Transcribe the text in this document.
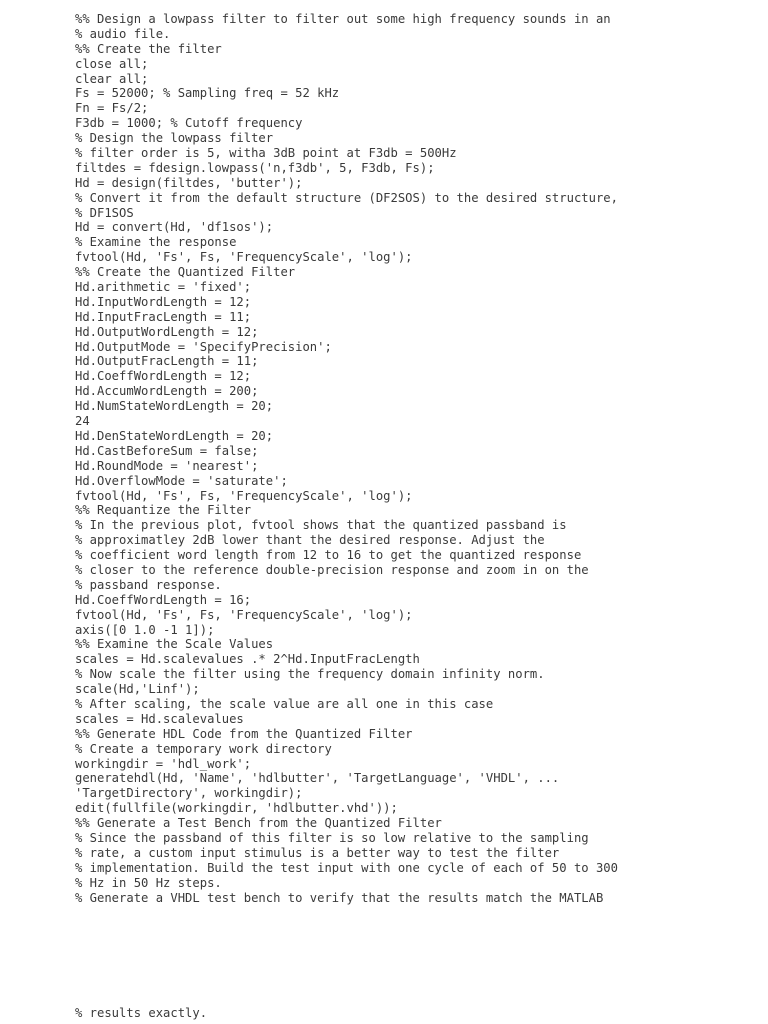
%% Design a lowpass filter to filter out some high frequency sounds in an
% audio file.
%% Create the filter
close all;
clear all;
Fs = 52000; % Sampling freq = 52 kHz
Fn = Fs/2;
F3db = 1000; % Cutoff frequency
% Design the lowpass filter
% filter order is 5, witha 3dB point at F3db = 500Hz
filtdes = fdesign.lowpass('n,f3db', 5, F3db, Fs);
Hd = design(filtdes, 'butter');
% Convert it from the default structure (DF2SOS) to the desired structure,
% DF1SOS
Hd = convert(Hd, 'df1sos');
% Examine the response
fvtool(Hd, 'Fs', Fs, 'FrequencyScale', 'log');
%% Create the Quantized Filter
Hd.arithmetic = 'fixed';
Hd.InputWordLength = 12;
Hd.InputFracLength = 11;
Hd.OutputWordLength = 12;
Hd.OutputMode = 'SpecifyPrecision';
Hd.OutputFracLength = 11;
Hd.CoeffWordLength = 12;
Hd.AccumWordLength = 200;
Hd.NumStateWordLength = 20;
24
Hd.DenStateWordLength = 20;
Hd.CastBeforeSum = false;
Hd.RoundMode = 'nearest';
Hd.OverflowMode = 'saturate';
fvtool(Hd, 'Fs', Fs, 'FrequencyScale', 'log');
%% Requantize the Filter
% In the previous plot, fvtool shows that the quantized passband is
% approximatley 2dB lower thant the desired response. Adjust the
% coefficient word length from 12 to 16 to get the quantized response
% closer to the reference double-precision response and zoom in on the
% passband response.
Hd.CoeffWordLength = 16;
fvtool(Hd, 'Fs', Fs, 'FrequencyScale', 'log');
axis([0 1.0 -1 1]);
%% Examine the Scale Values
scales = Hd.scalevalues .* 2^Hd.InputFracLength
% Now scale the filter using the frequency domain infinity norm.
scale(Hd,'Linf');
% After scaling, the scale value are all one in this case
scales = Hd.scalevalues
%% Generate HDL Code from the Quantized Filter
% Create a temporary work directory
workingdir = 'hdl_work';
generatehdl(Hd, 'Name', 'hdlbutter', 'TargetLanguage', 'VHDL', ...
'TargetDirectory', workingdir);
edit(fullfile(workingdir, 'hdlbutter.vhd'));
%% Generate a Test Bench from the Quantized Filter
% Since the passband of this filter is so low relative to the sampling
% rate, a custom input stimulus is a better way to test the filter
% implementation. Build the test input with one cycle of each of 50 to 300
% Hz in 50 Hz steps.
% Generate a VHDL test bench to verify that the results match the MATLAB
% results exactly.
